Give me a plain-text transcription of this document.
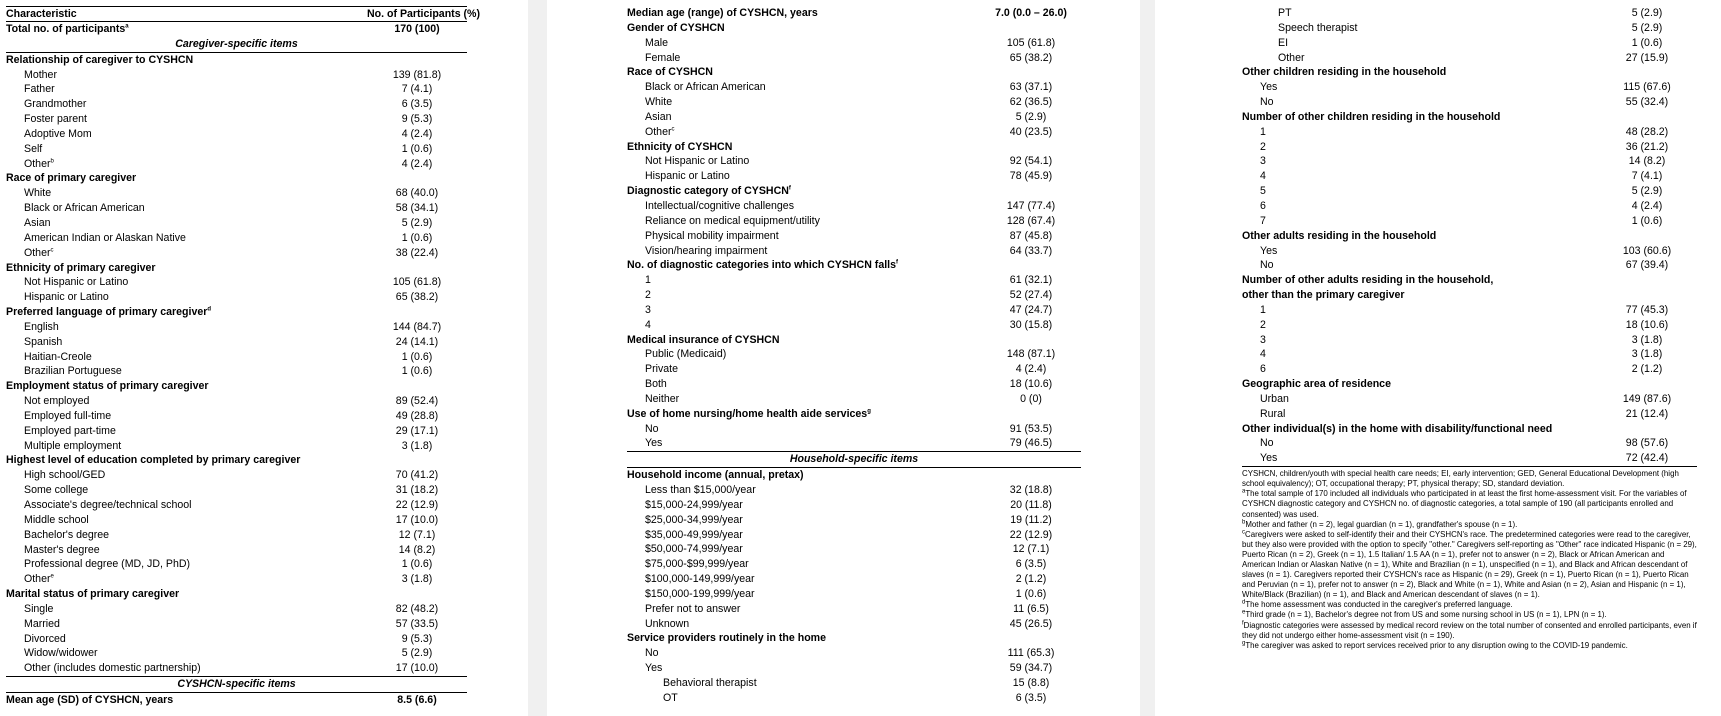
Characteristic	No. of Participants (%)
Total no. of participants$^a$	170 (100)
Caregiver-specific items
Relationship of caregiver to CYSHCN
Mother	139 (81.8)
Father	7 (4.1)
Grandmother	6 (3.5)
Foster parent	9 (5.3)
Adoptive Mom	4 (2.4)
Self	1 (0.6)
Other$^b$	4 (2.4)
Race of primary caregiver
White	68 (40.0)
Black or African American	58 (34.1)
Asian	5 (2.9)
American Indian or Alaskan Native	1 (0.6)
Other$^c$	38 (22.4)
Ethnicity of primary caregiver
Not Hispanic or Latino	105 (61.8)
Hispanic or Latino	65 (38.2)
Preferred language of primary caregiver$^d$
English	144 (84.7)
Spanish	24 (14.1)
Haitian-Creole	1 (0.6)
Brazilian Portuguese	1 (0.6)
Employment status of primary caregiver
Not employed	89 (52.4)
Employed full-time	49 (28.8)
Employed part-time	29 (17.1)
Multiple employment	3 (1.8)
Highest level of education completed by primary caregiver
High school/GED	70 (41.2)
Some college	31 (18.2)
Associate's degree/technical school	22 (12.9)
Middle school	17 (10.0)
Bachelor's degree	12 (7.1)
Master's degree	14 (8.2)
Professional degree (MD, JD, PhD)	1 (0.6)
Other$^e$	3 (1.8)
Marital status of primary caregiver
Single	82 (48.2)
Married	57 (33.5)
Divorced	9 (5.3)
Widow/widower	5 (2.9)
Other (includes domestic partnership)	17 (10.0)
CYSHCN-specific items
Mean age (SD) of CYSHCN, years	8.5 (6.6)
Median age (range) of CYSHCN, years	7.0 (0.0 – 26.0)
Gender of CYSHCN
Male	105 (61.8)
Female	65 (38.2)
Race of CYSHCN
Black or African American	63 (37.1)
White	62 (36.5)
Asian	5 (2.9)
Other$^c$	40 (23.5)
Ethnicity of CYSHCN
Not Hispanic or Latino	92 (54.1)
Hispanic or Latino	78 (45.9)
Diagnostic category of CYSHCN$^f$
Intellectual/cognitive challenges	147 (77.4)
Reliance on medical equipment/utility	128 (67.4)
Physical mobility impairment	87 (45.8)
Vision/hearing impairment	64 (33.7)
No. of diagnostic categories into which CYSHCN falls$^f$
1	61 (32.1)
2	52 (27.4)
3	47 (24.7)
4	30 (15.8)
Medical insurance of CYSHCN
Public (Medicaid)	148 (87.1)
Private	4 (2.4)
Both	18 (10.6)
Neither	0 (0)
Use of home nursing/home health aide services$^g$
No	91 (53.5)
Yes	79 (46.5)
Household-specific items
Household income (annual, pretax)
Less than $15,000/year	32 (18.8)
$15,000-24,999/year	20 (11.8)
$25,000-34,999/year	19 (11.2)
$35,000-49,999/year	22 (12.9)
$50,000-74,999/year	12 (7.1)
$75,000-$99,999/year	6 (3.5)
$100,000-149,999/year	2 (1.2)
$150,000-199,999/year	1 (0.6)
Prefer not to answer	11 (6.5)
Unknown	45 (26.5)
Service providers routinely in the home
No	111 (65.3)
Yes	59 (34.7)
Behavioral therapist	15 (8.8)
OT	6 (3.5)
PT	5 (2.9)
Speech therapist	5 (2.9)
EI	1 (0.6)
Other	27 (15.9)
Other children residing in the household
Yes	115 (67.6)
No	55 (32.4)
Number of other children residing in the household
1	48 (28.2)
2	36 (21.2)
3	14 (8.2)
4	7 (4.1)
5	5 (2.9)
6	4 (2.4)
7	1 (0.6)
Other adults residing in the household
Yes	103 (60.6)
No	67 (39.4)
Number of other adults residing in the household, other than the primary caregiver
1	77 (45.3)
2	18 (10.6)
3	3 (1.8)
4	3 (1.8)
6	2 (1.2)
Geographic area of residence
Urban	149 (87.6)
Rural	21 (12.4)
Other individual(s) in the home with disability/functional need
No	98 (57.6)
Yes	72 (42.4)

CYSHCN, children/youth with special health care needs; EI, early intervention; GED, General Educational Development (high school equivalency); OT, occupational therapy; PT, physical therapy; SD, standard deviation.

$^a$The total sample of 170 included all individuals who participated in at least the first home-assessment visit. For the variables of CYSHCN diagnostic category and CYSHCN no. of diagnostic categories, a total sample of 190 (all participants enrolled and consented) was used.

$^b$Mother and father (n = 2), legal guardian (n = 1), grandfather's spouse (n = 1).

$^c$Caregivers were asked to self-identify their and their CYSHCN's race. The predetermined categories were read to the caregiver, but they also were provided with the option to specify "other." Caregivers self-reporting as "Other" race indicated Hispanic (n = 29), Puerto Rican (n = 2), Greek (n = 1), 1.5 Italian/ 1.5 AA (n = 1), prefer not to answer (n = 2), Black or African American and American Indian or Alaskan Native (n = 1), White and Brazilian (n = 1), unspecified (n = 1), and Black and African descendant of slaves (n = 1). Caregivers reported their CYSHCN's race as Hispanic (n = 29), Greek (n = 1), Puerto Rican (n = 1), Puerto Rican and Peruvian (n = 1), prefer not to answer (n = 2), Black and White (n = 1), White and Asian (n = 2), Asian and Hispanic (n = 1), White/Black (Brazilian) (n = 1), and Black and American descendant of slaves (n = 1).

$^d$The home assessment was conducted in the caregiver's preferred language.

$^e$Third grade (n = 1), Bachelor's degree not from US and some nursing school in US (n = 1), LPN (n = 1).

$^f$Diagnostic categories were assessed by medical record review on the total number of consented and enrolled participants, even if they did not undergo either home-assessment visit (n = 190).

$^g$The caregiver was asked to report services received prior to any disruption owing to the COVID-19 pandemic.
